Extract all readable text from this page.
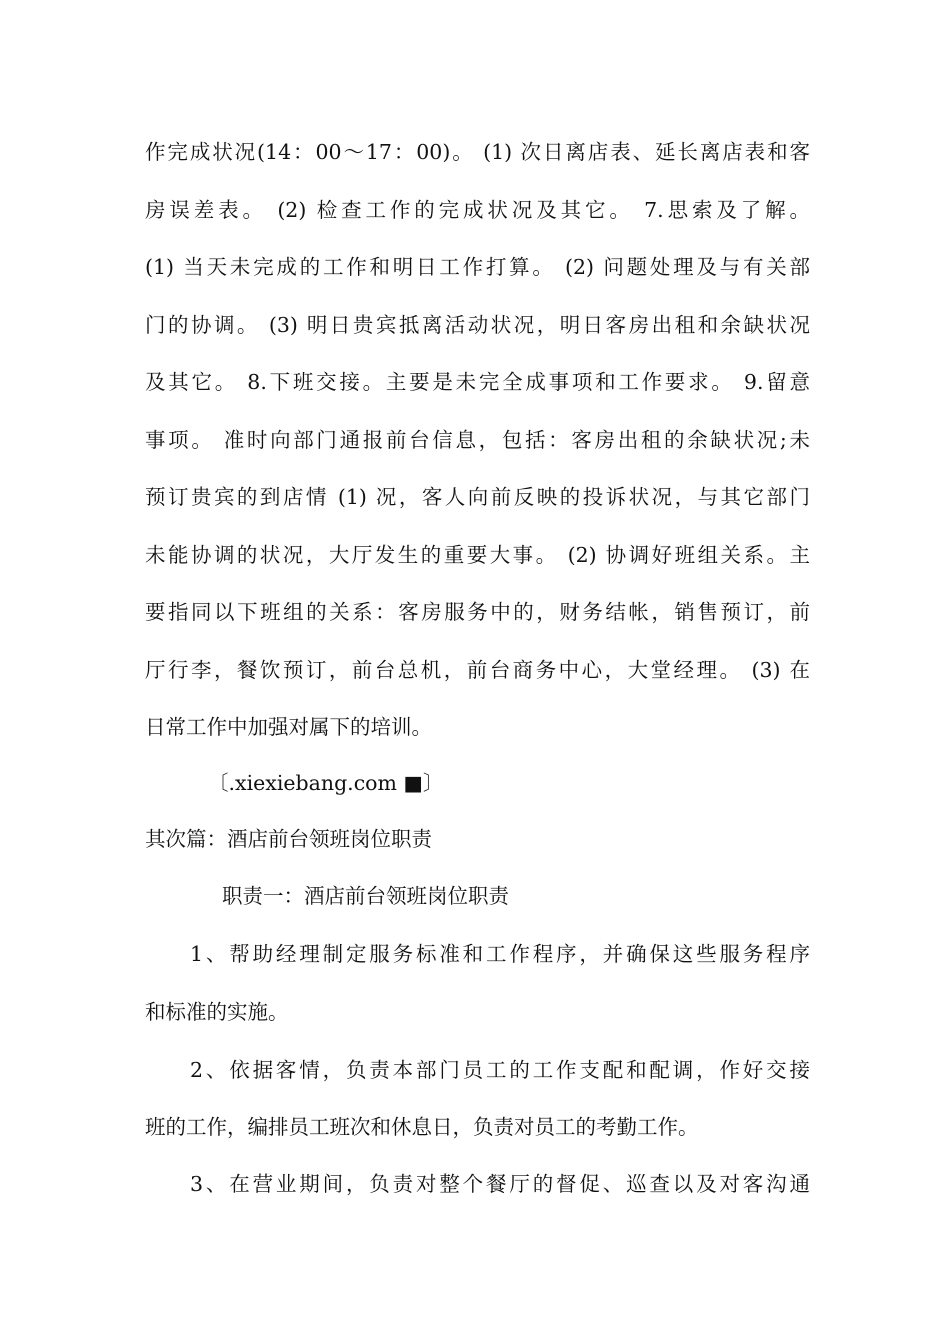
作完成状况(14：00～17：00)。 (1) 次日离店表、延长离店表和客
房误差表。 (2) 检查工作的完成状况及其它。 7.思索及了解。
(1) 当天未完成的工作和明日工作打算。 (2) 问题处理及与有关部
门的协调。 (3) 明日贵宾抵离活动状况，明日客房出租和余缺状况
及其它。 8.下班交接。主要是未完全成事项和工作要求。 9.留意
事项。 准时向部门通报前台信息，包括：客房出租的余缺状况;未
预订贵宾的到店情 (1) 况，客人向前反映的投诉状况，与其它部门
未能协调的状况，大厅发生的重要大事。 (2) 协调好班组关系。主
要指同以下班组的关系：客房服务中的，财务结帐，销售预订，前
厅行李，餐饮预订，前台总机，前台商务中心，大堂经理。 (3) 在
日常工作中加强对属下的培训。
〔.xiexiebang.com ■〕
其次篇：酒店前台领班岗位职责
职责一：酒店前台领班岗位职责
1、帮助经理制定服务标准和工作程序，并确保这些服务程序
和标准的实施。
2、依据客情，负责本部门员工的工作支配和配调，作好交接
班的工作，编排员工班次和休息日，负责对员工的考勤工作。
3、在营业期间，负责对整个餐厅的督促、巡查以及对客沟通
